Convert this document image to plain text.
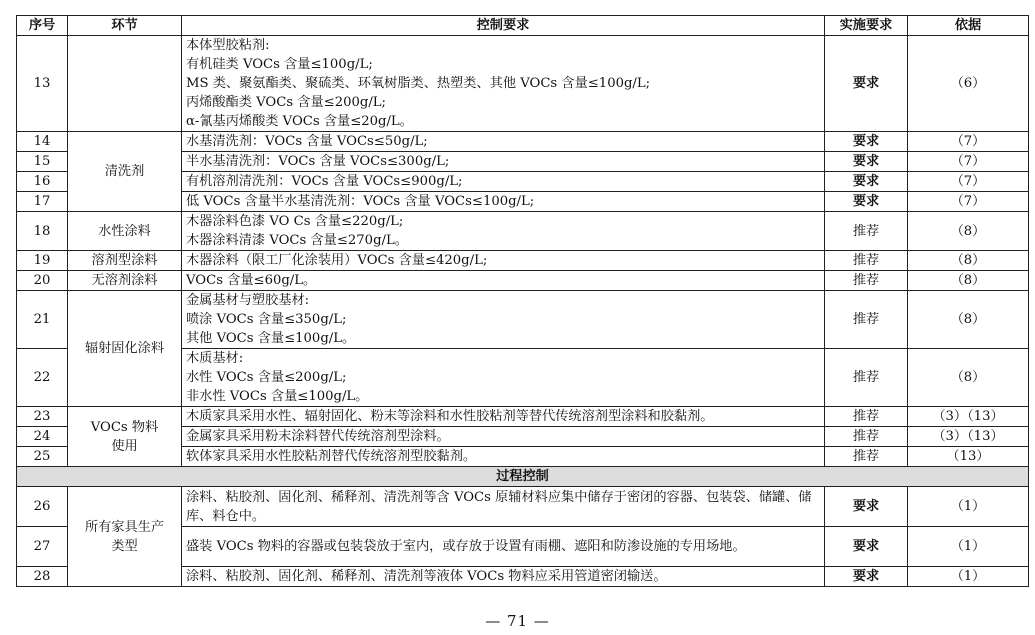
序号	环节	控制要求	实施要求	依据
13		本体型胶粘剂:
有机硅类 VOCs 含量≤100g/L;
MS 类、聚氨酯类、聚硫类、环氧树脂类、热塑类、其他 VOCs 含量≤100g/L;
丙烯酸酯类 VOCs 含量≤200g/L;
α-氰基丙烯酸类 VOCs 含量≤20g/L。	要求	（6）
14	清洗剂	水基清洗剂：VOCs 含量 VOCs≤50g/L;	要求	（7）
15		半水基清洗剂：VOCs 含量 VOCs≤300g/L;	要求	（7）
16		有机溶剂清洗剂：VOCs 含量 VOCs≤900g/L;	要求	（7）
17		低 VOCs 含量半水基清洗剂：VOCs 含量 VOCs≤100g/L;	要求	（7）
18	水性涂料	木器涂料色漆 VO Cs 含量≤220g/L;
木器涂料清漆 VOCs 含量≤270g/L。	推荐	（8）
19	溶剂型涂料	木器涂料（限工厂化涂装用）VOCs 含量≤420g/L;	推荐	（8）
20	无溶剂涂料	VOCs 含量≤60g/L。	推荐	（8）
21	辐射固化涂料	金属基材与塑胶基材:
喷涂 VOCs 含量≤350g/L;
其他 VOCs 含量≤100g/L。	推荐	（8）
22		木质基材:
水性 VOCs 含量≤200g/L;
非水性 VOCs 含量≤100g/L。	推荐	（8）
23	VOCs 物料
使用	木质家具采用水性、辐射固化、粉末等涂料和水性胶粘剂等替代传统溶剂型涂料和胶黏剂。	推荐	（3）（13）
24		金属家具采用粉末涂料替代传统溶剂型涂料。	推荐	（3）（13）
25		软体家具采用水性胶粘剂替代传统溶剂型胶黏剂。	推荐	（13）
过程控制				
26	所有家具生产
类型	涂料、粘胶剂、固化剂、稀释剂、清洗剂等含 VOCs 原辅材料应集中储存于密闭的容器、包装袋、储罐、储库、料仓中。	要求	（1）
27		盛装 VOCs 物料的容器或包装袋放于室内，或存放于设置有雨棚、遮阳和防渗设施的专用场地。	要求	（1）
28		涂料、粘胶剂、固化剂、稀释剂、清洗剂等液体 VOCs 物料应采用管道密闭输送。	要求	（1）
— 71 —
